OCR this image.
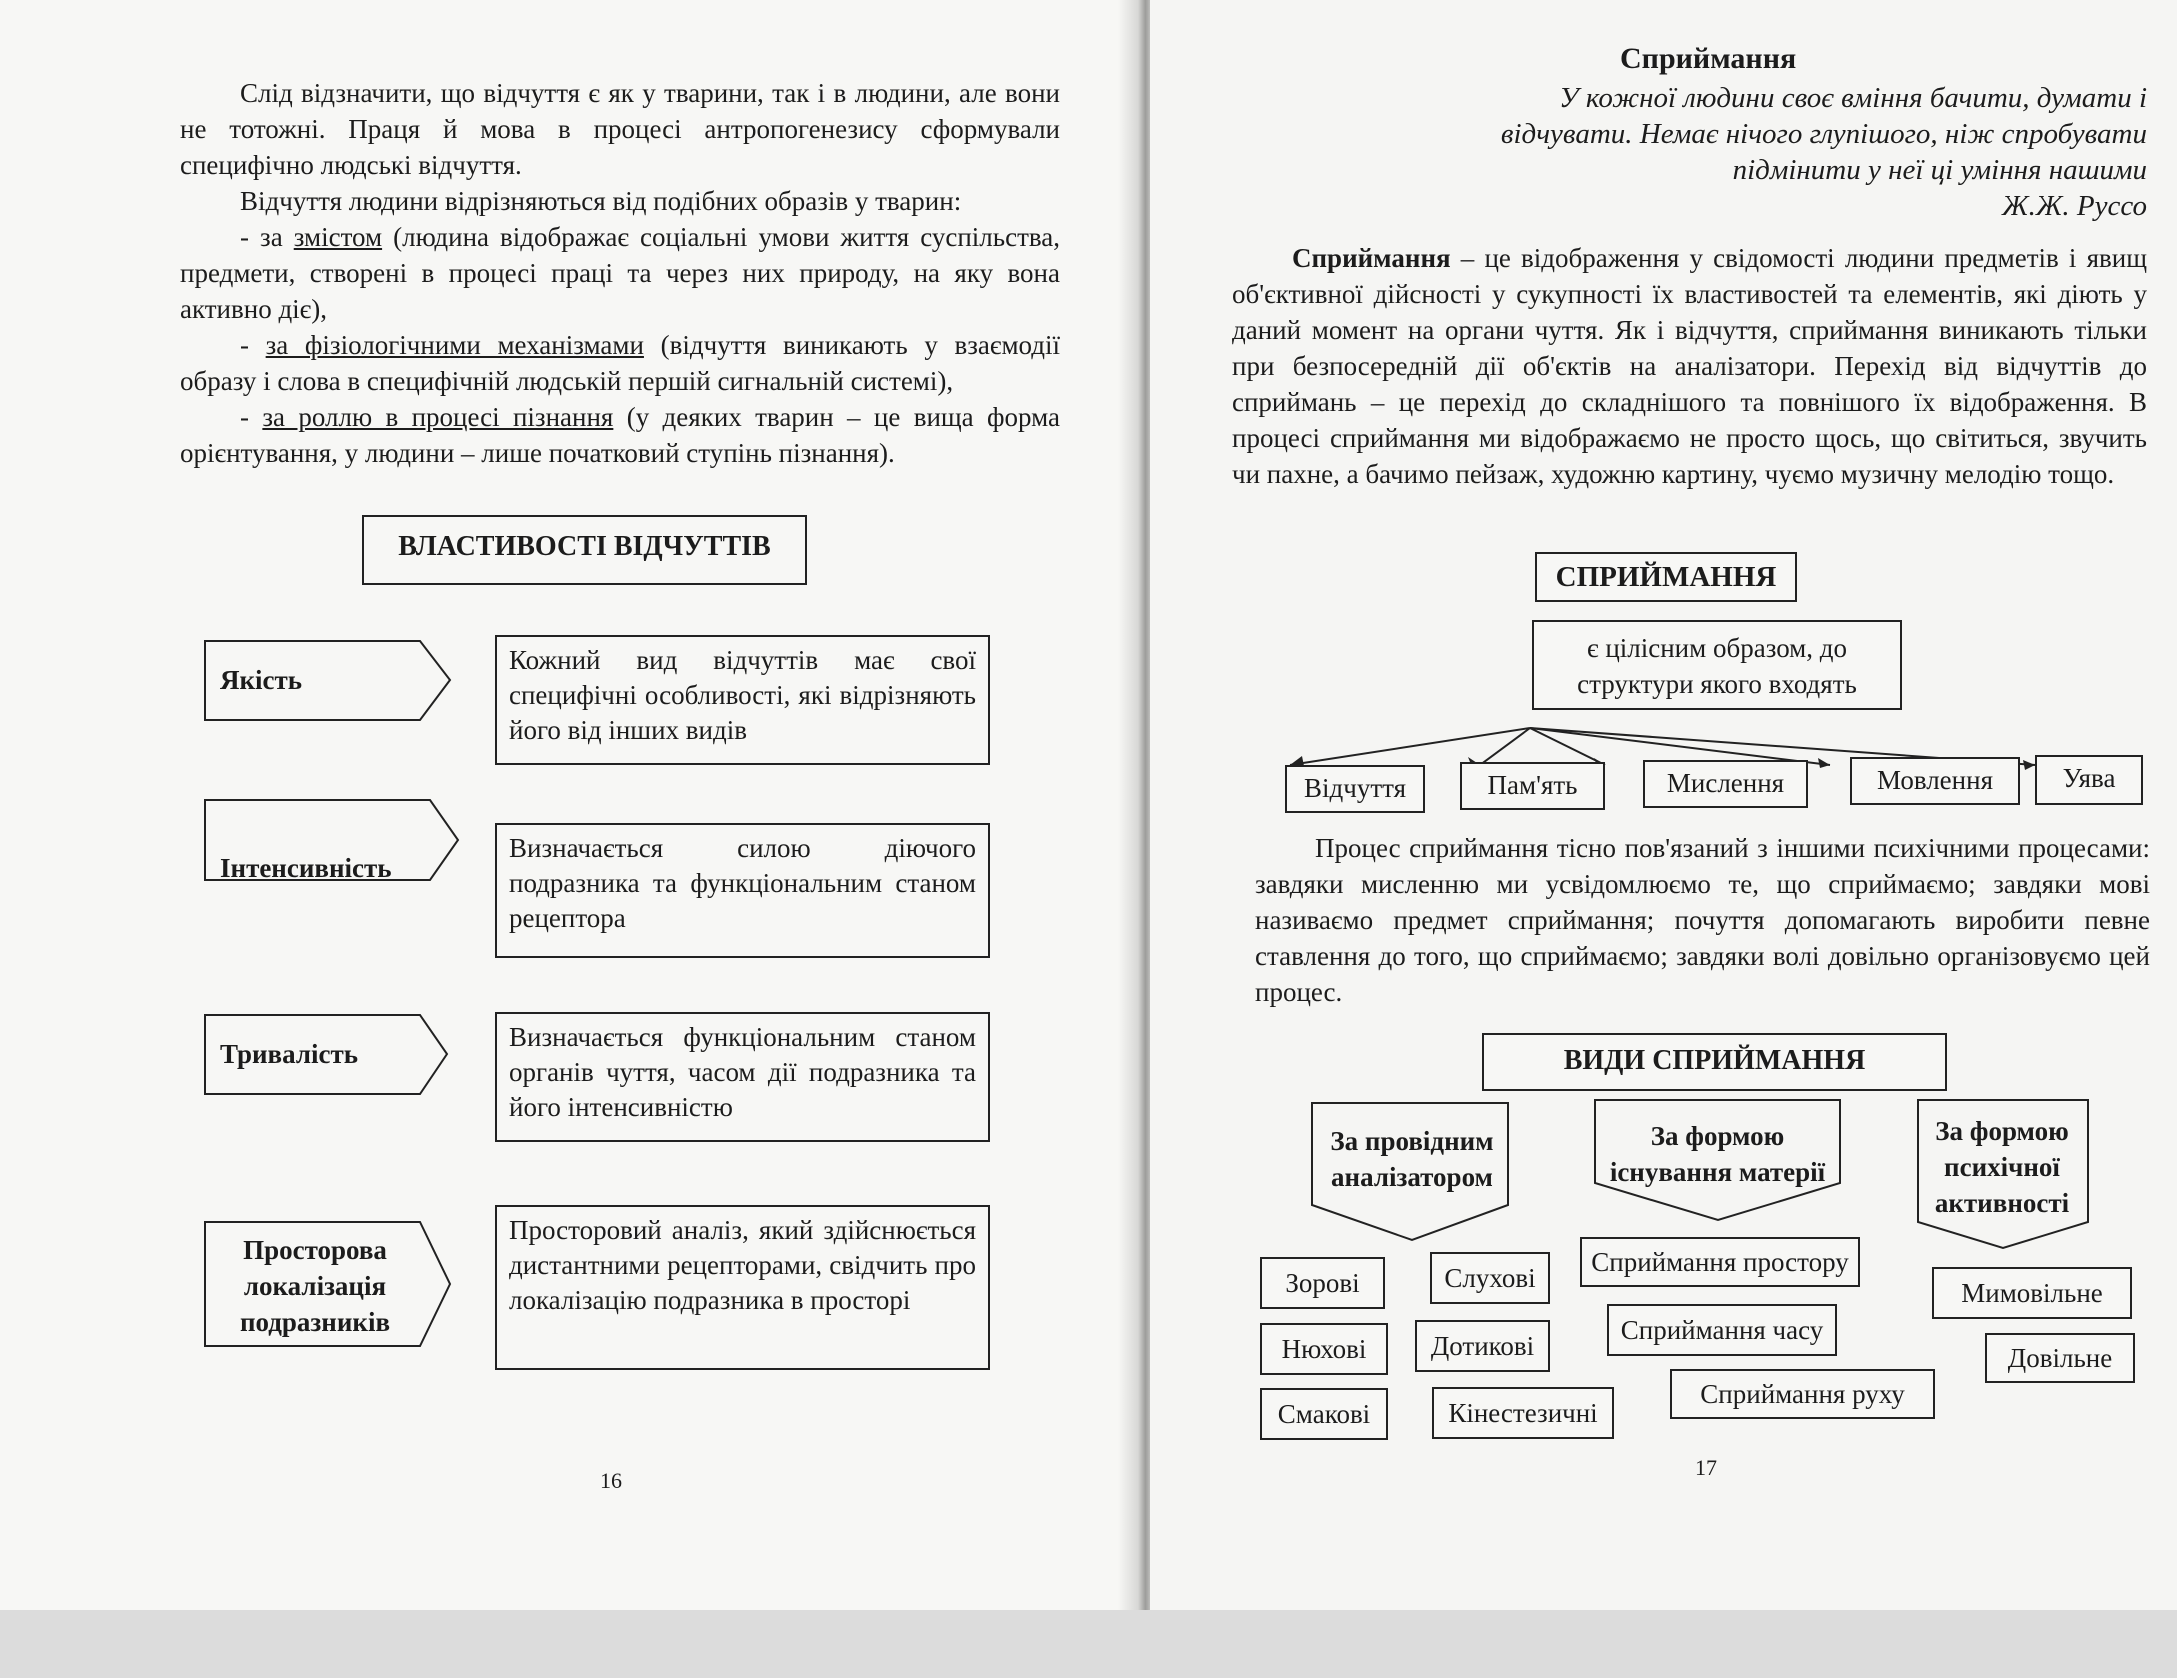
Слід відзначити, що відчуття є як у тварини, так і в людини, але вони не тотожні. Праця й мова в процесі антропогенезису сформували специфічно людські відчуття.

Відчуття людини відрізняються від подібних образів у тварин:

- за змістом (людина відображає соціальні умови життя суспільства, предмети, створені в процесі праці та через них природу, на яку вона активно діє),

- за фізіологічними механізмами (відчуття виникають у взаємодії образу і слова в специфічній людській першій сигнальній системі),

- за роллю в процесі пізнання (у деяких тварин – це вища форма орієнтування, у людини – лише початковий ступінь пізнання).

ВЛАСТИВОСТІ ВІДЧУТТІВ
Якість
Інтенсивність
Тривалість
Просторова локалізація подразників
Кожний вид відчуттів має свої специфічні особливості, які відрізняють його від інших видів
Визначається силою діючого подразника та функціональним станом рецептора
Визначається функціональним станом органів чуття, часом дії подразника та його інтенсивністю
Просторовий аналіз, який здійснюється дистантними рецепторами, свідчить про локалізацію подразника в просторі
16
Сприймання
У кожної людини своє вміння бачити, думати і
відчувати. Немає нічого глупішого, ніж спробувати
підмінити у неї ці уміння нашими
Ж.Ж. Руссо
Сприймання – це відображення у свідомості людини предметів і явищ об'єктивної дійсності у сукупності їх властивостей та елементів, які діють у даний момент на органи чуття. Як і відчуття, сприймання виникають тільки при безпосередній дії об'єктів на аналізатори. Перехід від відчуттів до сприймань – це перехід до складнішого та повнішого їх відображення. В процесі сприймання ми відображаємо не просто щось, що світиться, звучить чи пахне, а бачимо пейзаж, художню картину, чуємо музичну мелодію тощо.
СПРИЙМАННЯ
є цілісним образом, до структури якого входять
Відчуття	Пам'ять	Мислення	Мовлення	Уява
Процес сприймання тісно пов'язаний з іншими психічними процесами: завдяки мисленню ми усвідомлюємо те, що сприймаємо; завдяки мові називаємо предмет сприймання; почуття допомагають виробити певне ставлення до того, що сприймаємо; завдяки волі довільно організовуємо цей процес.
ВИДИ СПРИЙМАННЯ
За провідним аналізатором
За формою існування матерії
За формою психічної активності
Зорові	Слухові
Нюхові	Дотикові
Смакові	Кінестезичні
Сприймання простору
Сприймання часу
Сприймання руху
Мимовільне
Довільне
17
